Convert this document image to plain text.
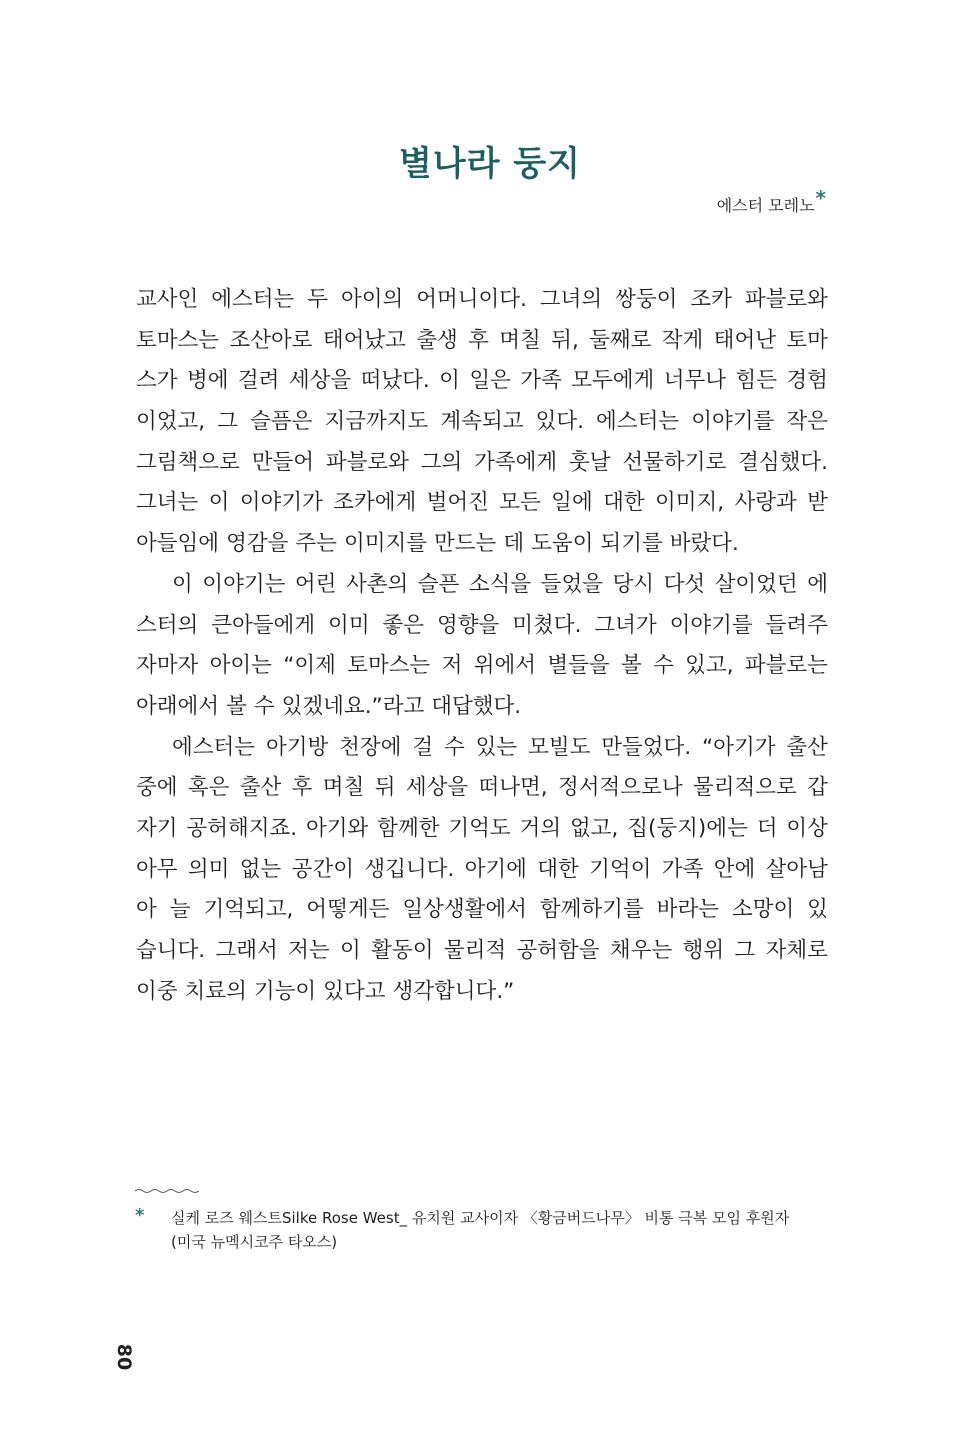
별나라 둥지
에스터 모레노*
교사인 에스터는 두 아이의 어머니이다. 그녀의 쌍둥이 조카 파블로와
토마스는 조산아로 태어났고 출생 후 며칠 뒤, 둘째로 작게 태어난 토마
스가 병에 걸려 세상을 떠났다. 이 일은 가족 모두에게 너무나 힘든 경험
이었고, 그 슬픔은 지금까지도 계속되고 있다. 에스터는 이야기를 작은
그림책으로 만들어 파블로와 그의 가족에게 훗날 선물하기로 결심했다.
그녀는 이 이야기가 조카에게 벌어진 모든 일에 대한 이미지, 사랑과 받
아들임에 영감을 주는 이미지를 만드는 데 도움이 되기를 바랐다.
이 이야기는 어린 사촌의 슬픈 소식을 들었을 당시 다섯 살이었던 에
스터의 큰아들에게 이미 좋은 영향을 미쳤다. 그녀가 이야기를 들려주
자마자 아이는 “이제 토마스는 저 위에서 별들을 볼 수 있고, 파블로는
아래에서 볼 수 있겠네요.”라고 대답했다.
에스터는 아기방 천장에 걸 수 있는 모빌도 만들었다. “아기가 출산
중에 혹은 출산 후 며칠 뒤 세상을 떠나면, 정서적으로나 물리적으로 갑
자기 공허해지죠. 아기와 함께한 기억도 거의 없고, 집(둥지)에는 더 이상
아무 의미 없는 공간이 생깁니다. 아기에 대한 기억이 가족 안에 살아남
아 늘 기억되고, 어떻게든 일상생활에서 함께하기를 바라는 소망이 있
습니다. 그래서 저는 이 활동이 물리적 공허함을 채우는 행위 그 자체로
이중 치료의 기능이 있다고 생각합니다.”
* 실케 로즈 웨스트Silke Rose West_ 유치원 교사이자 〈황금버드나무〉 비통 극복 모임 후원자
(미국 뉴멕시코주 타오스)
80
